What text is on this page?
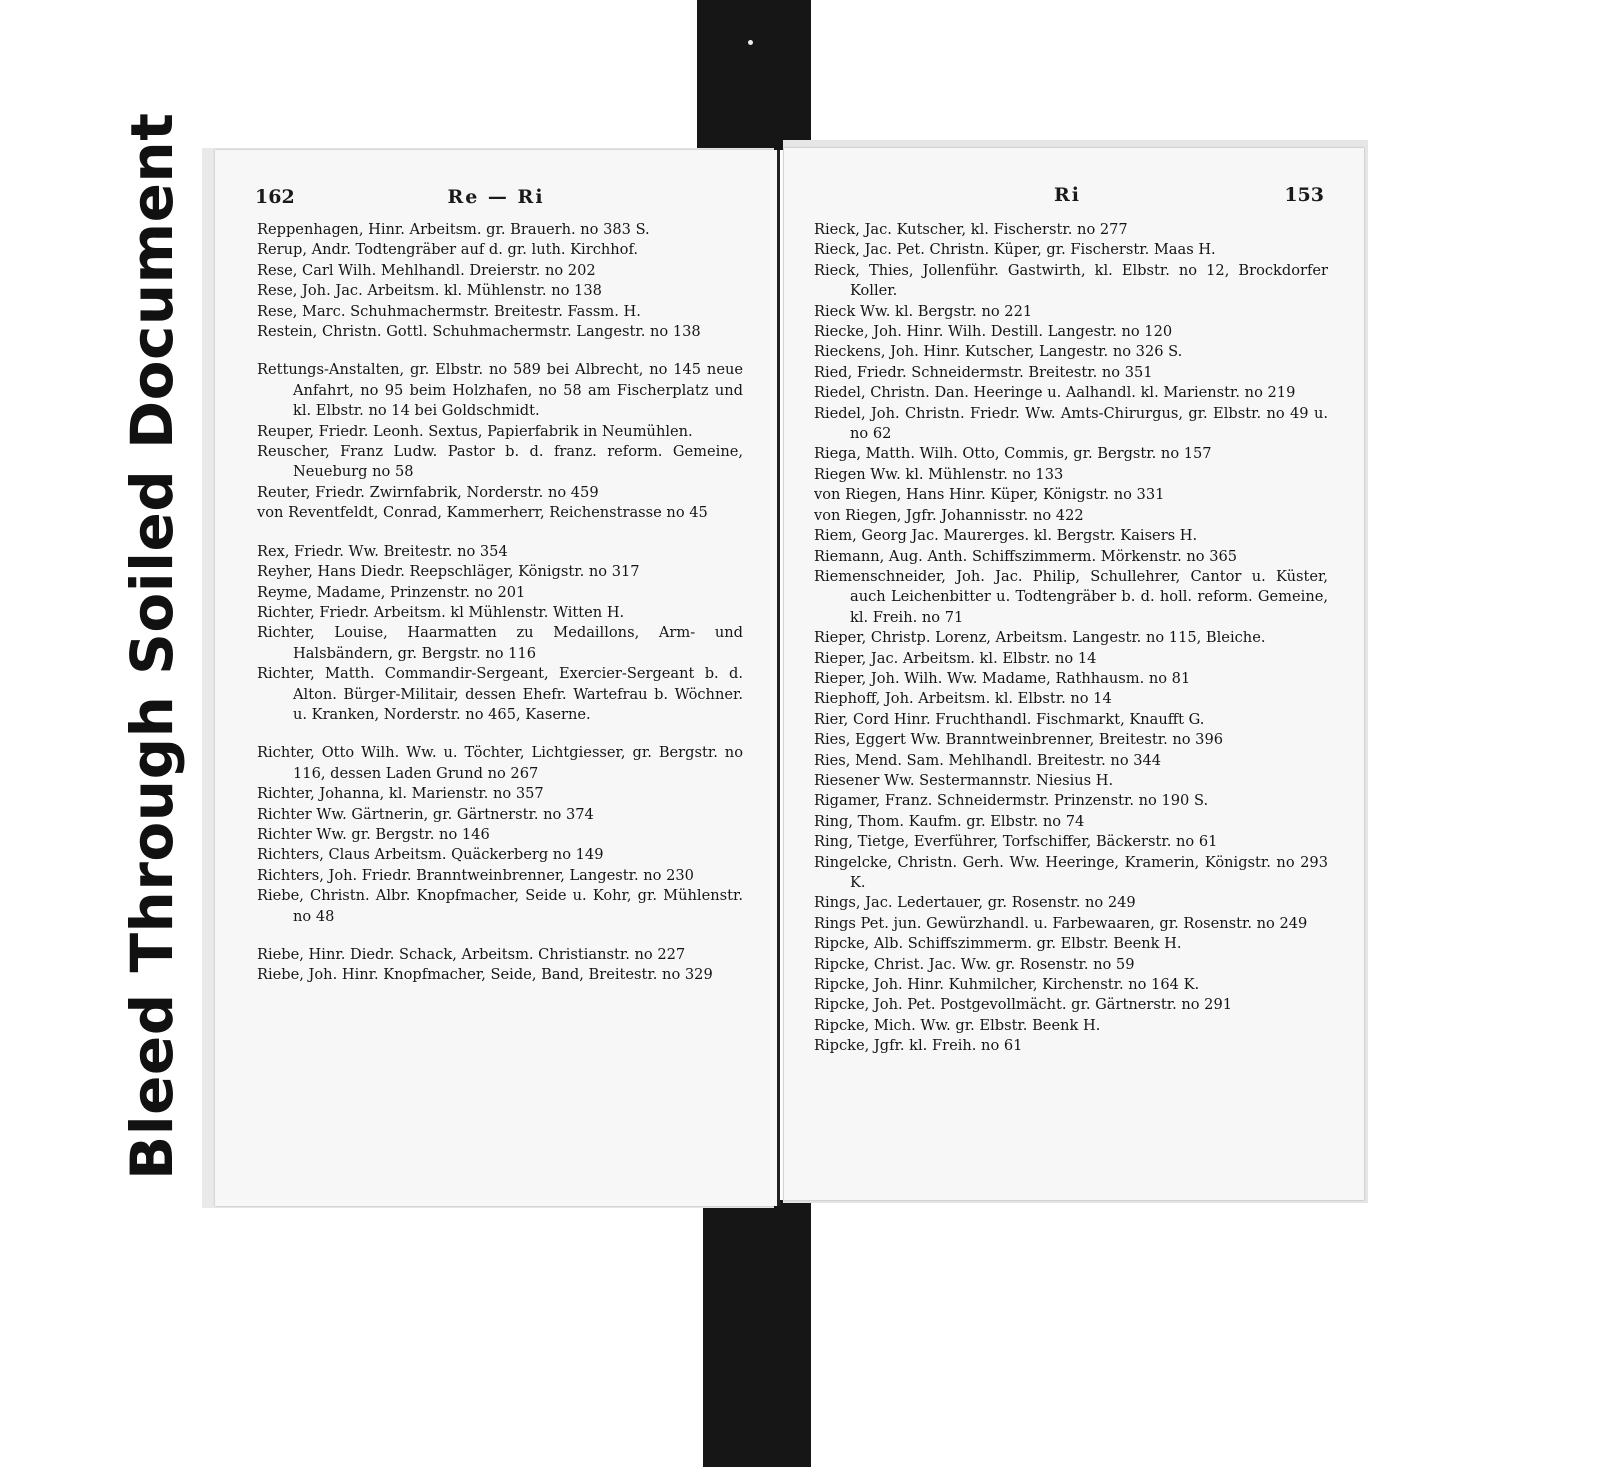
Bleed Through Soiled Document	162	Re — Ri

Reppenhagen, Hinr. Arbeitsm. gr. Brauerh. no 383 S.

Rerup, Andr. Todtengräber auf d. gr. luth. Kirchhof.

Rese, Carl Wilh. Mehlhandl. Dreierstr. no 202

Rese, Joh. Jac. Arbeitsm. kl. Mühlenstr. no 138

Rese, Marc. Schuhmachermstr. Breitestr. Fassm. H.

Restein, Christn. Gottl. Schuhmachermstr. Langestr. no 138

Rettungs-Anstalten, gr. Elbstr. no 589 bei Albrecht, no 145 neue Anfahrt, no 95 beim Holzhafen, no 58 am Fischerplatz und kl. Elbstr. no 14 bei Goldschmidt.

Reuper, Friedr. Leonh. Sextus, Papierfabrik in Neumühlen.

Reuscher, Franz Ludw. Pastor b. d. franz. reform. Gemeine, Neueburg no 58

Reuter, Friedr. Zwirnfabrik, Norderstr. no 459

von Reventfeldt, Conrad, Kammerherr, Reichenstrasse no 45

Rex, Friedr. Ww. Breitestr. no 354

Reyher, Hans Diedr. Reepschläger, Königstr. no 317

Reyme, Madame, Prinzenstr. no 201

Richter, Friedr. Arbeitsm. kl Mühlenstr. Witten H.

Richter, Louise, Haarmatten zu Medaillons, Arm- und Halsbändern, gr. Bergstr. no 116

Richter, Matth. Commandir-Sergeant, Exercier-Sergeant b. d. Alton. Bürger-Militair, dessen Ehefr. Wartefrau b. Wöchner. u. Kranken, Norderstr. no 465, Kaserne.

Richter, Otto Wilh. Ww. u. Töchter, Lichtgiesser, gr. Bergstr. no 116, dessen Laden Grund no 267

Richter, Johanna, kl. Marienstr. no 357

Richter Ww. Gärtnerin, gr. Gärtnerstr. no 374

Richter Ww. gr. Bergstr. no 146

Richters, Claus Arbeitsm. Quäckerberg no 149

Richters, Joh. Friedr. Branntweinbrenner, Langestr. no 230

Riebe, Christn. Albr. Knopfmacher, Seide u. Kohr, gr. Mühlenstr. no 48

Riebe, Hinr. Diedr. Schack, Arbeitsm. Christianstr. no 227

Riebe, Joh. Hinr. Knopfmacher, Seide, Band, Breitestr. no 329

Ri	153

Rieck, Jac. Kutscher, kl. Fischerstr. no 277

Rieck, Jac. Pet. Christn. Küper, gr. Fischerstr. Maas H.

Rieck, Thies, Jollenführ. Gastwirth, kl. Elbstr. no 12, Brockdorfer Koller.

Rieck Ww. kl. Bergstr. no 221

Riecke, Joh. Hinr. Wilh. Destill. Langestr. no 120

Rieckens, Joh. Hinr. Kutscher, Langestr. no 326 S.

Ried, Friedr. Schneidermstr. Breitestr. no 351

Riedel, Christn. Dan. Heeringe u. Aalhandl. kl. Marienstr. no 219

Riedel, Joh. Christn. Friedr. Ww. Amts-Chirurgus, gr. Elbstr. no 49 u. no 62

Riega, Matth. Wilh. Otto, Commis, gr. Bergstr. no 157

Riegen Ww. kl. Mühlenstr. no 133

von Riegen, Hans Hinr. Küper, Königstr. no 331

von Riegen, Jgfr. Johannisstr. no 422

Riem, Georg Jac. Maurerges. kl. Bergstr. Kaisers H.

Riemann, Aug. Anth. Schiffszimmerm. Mörkenstr. no 365

Riemenschneider, Joh. Jac. Philip, Schullehrer, Cantor u. Küster, auch Leichenbitter u. Todtengräber b. d. holl. reform. Gemeine, kl. Freih. no 71

Rieper, Christp. Lorenz, Arbeitsm. Langestr. no 115, Bleiche.

Rieper, Jac. Arbeitsm. kl. Elbstr. no 14

Rieper, Joh. Wilh. Ww. Madame, Rathhausm. no 81

Riephoff, Joh. Arbeitsm. kl. Elbstr. no 14

Rier, Cord Hinr. Fruchthandl. Fischmarkt, Knaufft G.

Ries, Eggert Ww. Branntweinbrenner, Breitestr. no 396

Ries, Mend. Sam. Mehlhandl. Breitestr. no 344

Riesener Ww. Sestermannstr. Niesius H.

Rigamer, Franz. Schneidermstr. Prinzenstr. no 190 S.

Ring, Thom. Kaufm. gr. Elbstr. no 74

Ring, Tietge, Everführer, Torfschiffer, Bäckerstr. no 61

Ringelcke, Christn. Gerh. Ww. Heeringe, Kramerin, Königstr. no 293 K.

Rings, Jac. Ledertauer, gr. Rosenstr. no 249

Rings Pet. jun. Gewürzhandl. u. Farbewaaren, gr. Rosenstr. no 249

Ripcke, Alb. Schiffszimmerm. gr. Elbstr. Beenk H.

Ripcke, Christ. Jac. Ww. gr. Rosenstr. no 59

Ripcke, Joh. Hinr. Kuhmilcher, Kirchenstr. no 164 K.

Ripcke, Joh. Pet. Postgevollmächt. gr. Gärtnerstr. no 291

Ripcke, Mich. Ww. gr. Elbstr. Beenk H.

Ripcke, Jgfr. kl. Freih. no 61
